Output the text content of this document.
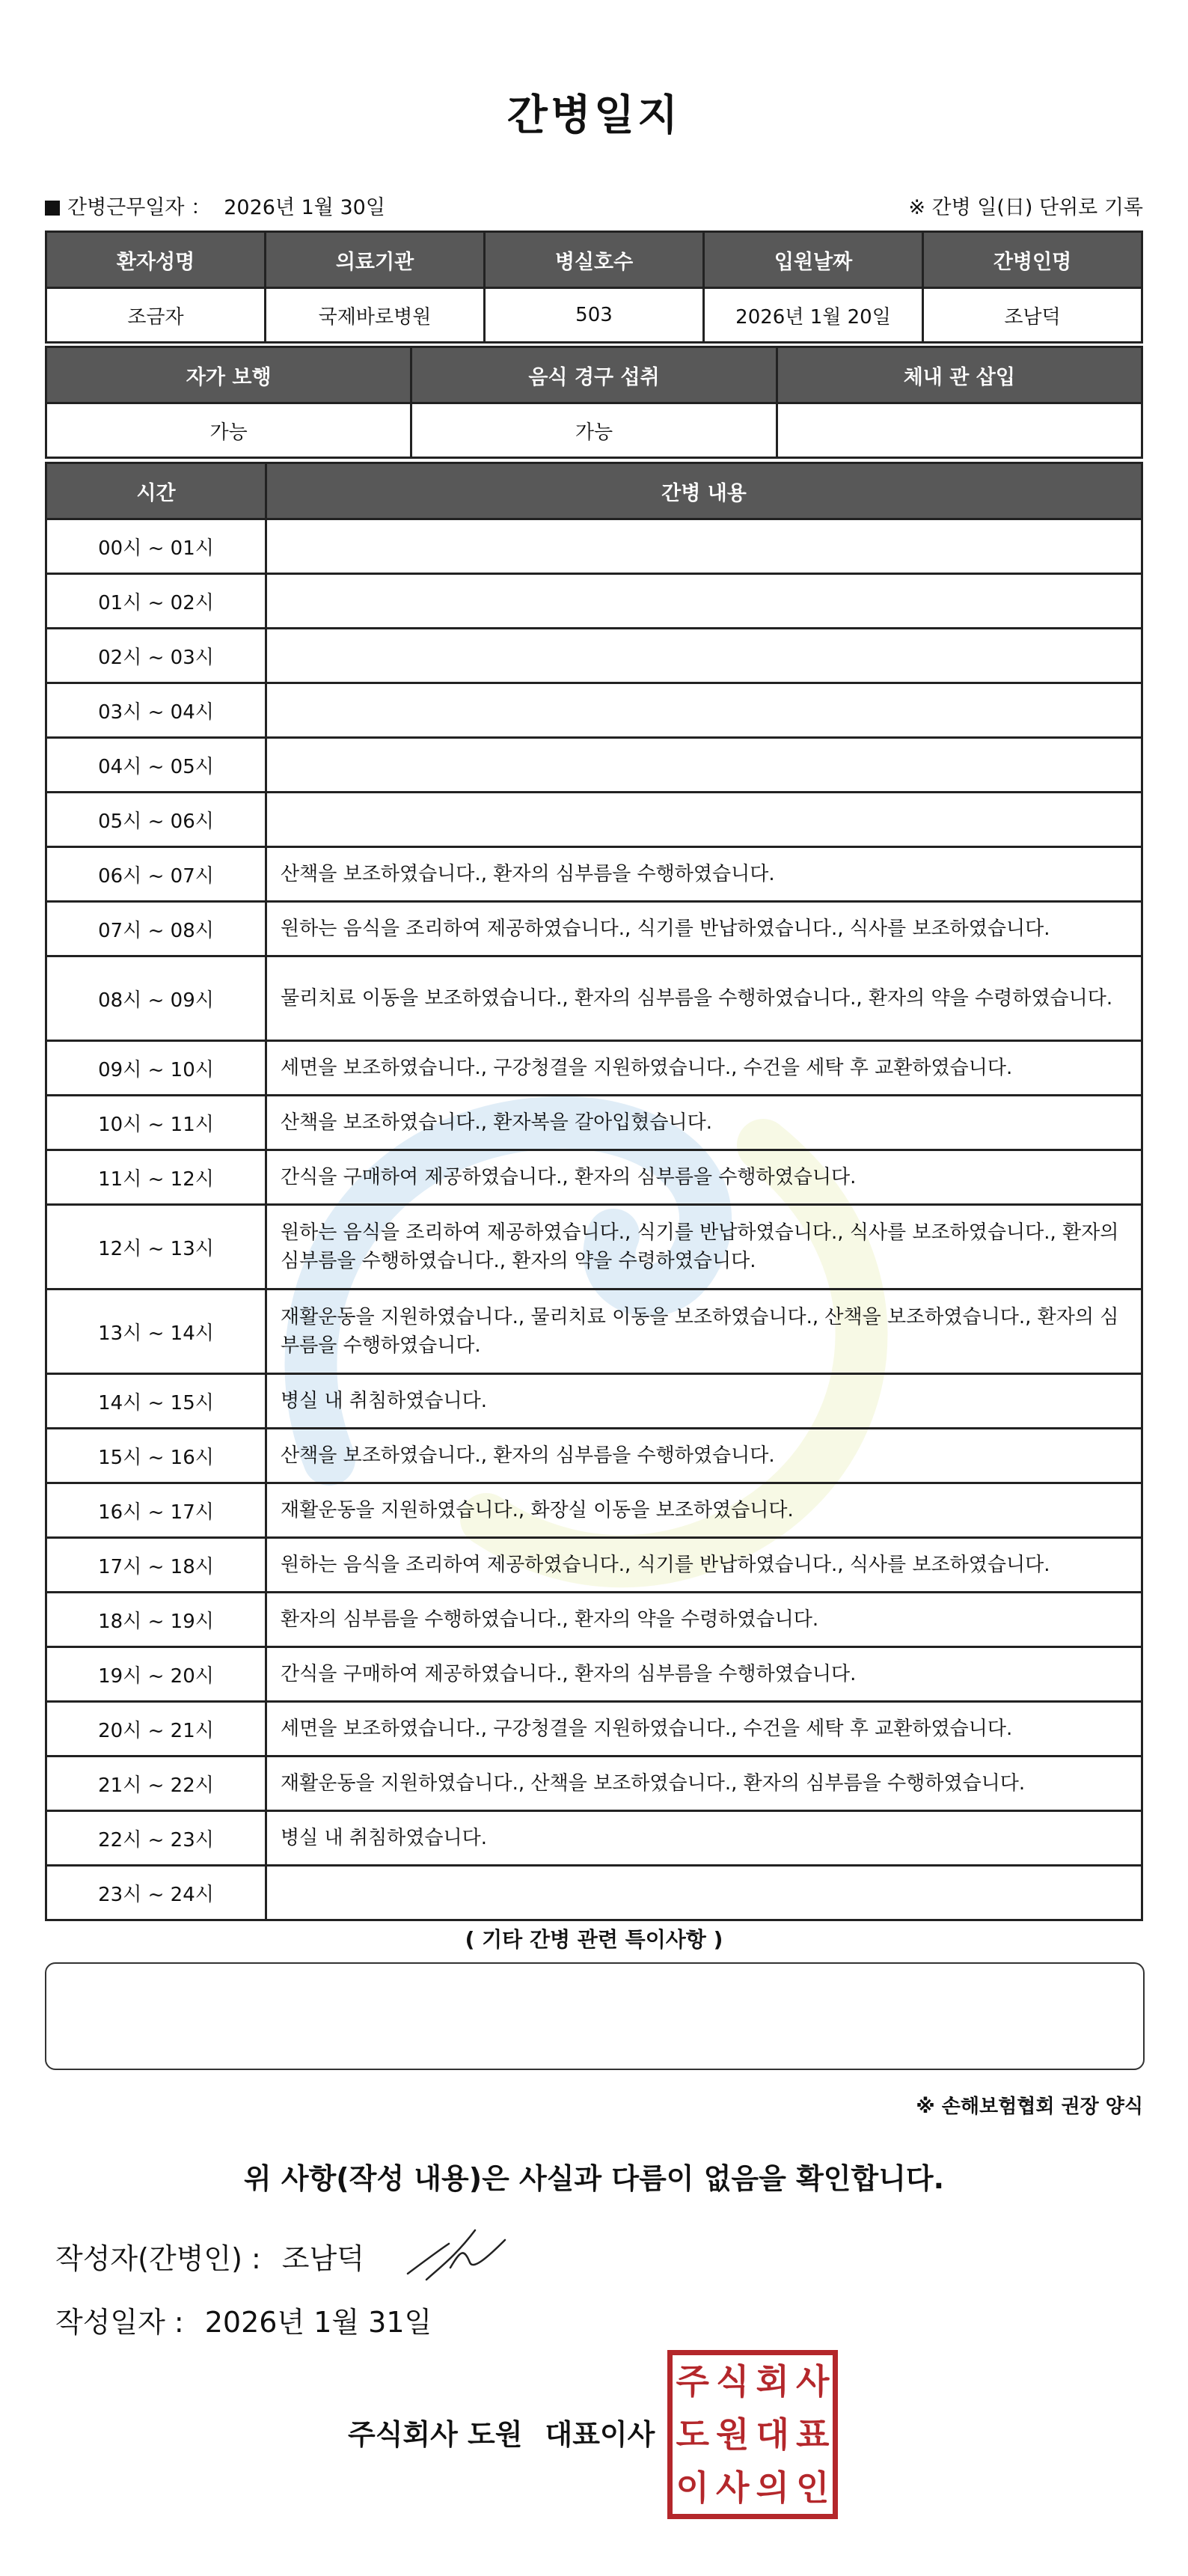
간병일지
간병근무일자 ： 2026년 1월 30일	※ 간병 일(日) 단위로 기록
환자성명	의료기관	병실호수	입원날짜	간병인명
조금자	국제바로병원	503	2026년 1월 20일	조남덕
자가 보행	음식 경구 섭취	체내 관 삽입
가능	가능	
시간	간병 내용
00시 ~ 01시	
01시 ~ 02시	
02시 ~ 03시	
03시 ~ 04시	
04시 ~ 05시	
05시 ~ 06시	
06시 ~ 07시	산책을 보조하였습니다., 환자의 심부름을 수행하였습니다.
07시 ~ 08시	원하는 음식을 조리하여 제공하였습니다., 식기를 반납하였습니다., 식사를 보조하였습니다.
08시 ~ 09시	물리치료 이동을 보조하였습니다., 환자의 심부름을 수행하였습니다., 환자의 약을 수령하였습니다.
09시 ~ 10시	세면을 보조하였습니다., 구강청결을 지원하였습니다., 수건을 세탁 후 교환하였습니다.
10시 ~ 11시	산책을 보조하였습니다., 환자복을 갈아입혔습니다.
11시 ~ 12시	간식을 구매하여 제공하였습니다., 환자의 심부름을 수행하였습니다.
12시 ~ 13시	원하는 음식을 조리하여 제공하였습니다., 식기를 반납하였습니다., 식사를 보조하였습니다., 환자의 심부름을 수행하였습니다., 환자의 약을 수령하였습니다.
13시 ~ 14시	재활운동을 지원하였습니다., 물리치료 이동을 보조하였습니다., 산책을 보조하였습니다., 환자의 심부름을 수행하였습니다.
14시 ~ 15시	병실 내 취침하였습니다.
15시 ~ 16시	산책을 보조하였습니다., 환자의 심부름을 수행하였습니다.
16시 ~ 17시	재활운동을 지원하였습니다., 화장실 이동을 보조하였습니다.
17시 ~ 18시	원하는 음식을 조리하여 제공하였습니다., 식기를 반납하였습니다., 식사를 보조하였습니다.
18시 ~ 19시	환자의 심부름을 수행하였습니다., 환자의 약을 수령하였습니다.
19시 ~ 20시	간식을 구매하여 제공하였습니다., 환자의 심부름을 수행하였습니다.
20시 ~ 21시	세면을 보조하였습니다., 구강청결을 지원하였습니다., 수건을 세탁 후 교환하였습니다.
21시 ~ 22시	재활운동을 지원하였습니다., 산책을 보조하였습니다., 환자의 심부름을 수행하였습니다.
22시 ~ 23시	병실 내 취침하였습니다.
23시 ~ 24시	
( 기타 간병 관련 특이사항 )
※ 손해보험협회 권장 양식
위 사항(작성 내용)은 사실과 다름이 없음을 확인합니다.
작성자(간병인) : 조남덕
작성일자 : 2026년 1월 31일
주식회사 도원 대표이사
주 식 회 사
도 원 대 표
이 사 의 인
